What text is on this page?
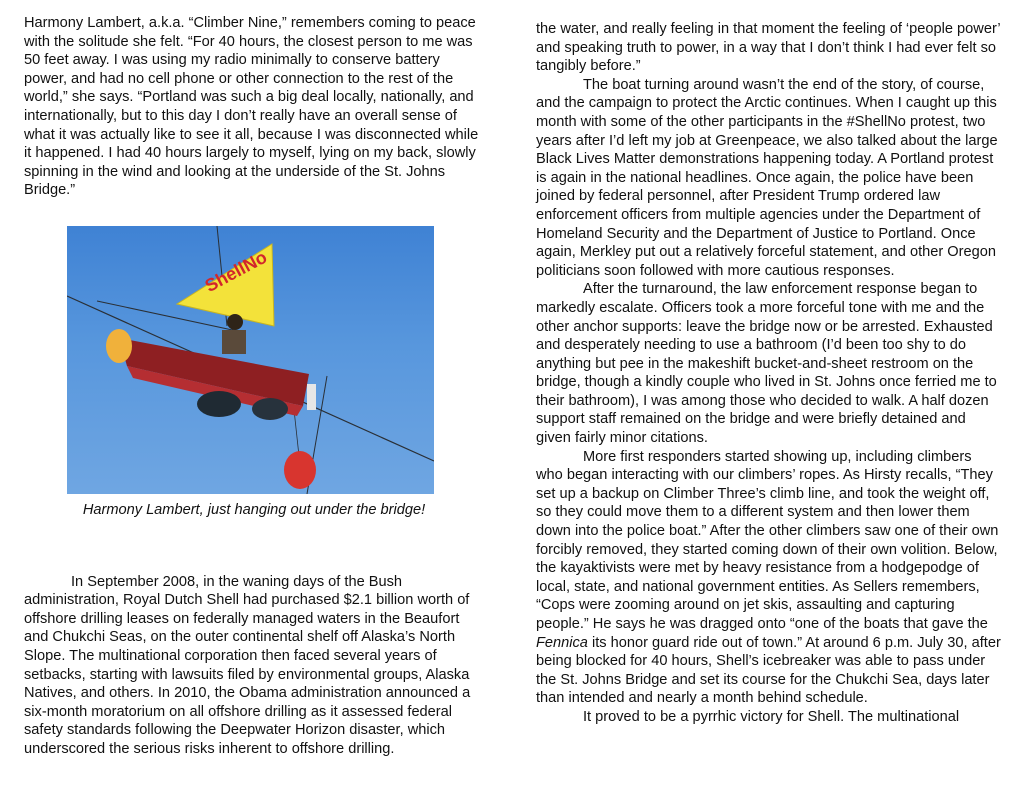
Harmony Lambert, a.k.a. “Climber Nine,” remembers coming to peace with the solitude she felt. “For 40 hours, the closest person to me was 50 feet away. I was using my radio minimally to conserve battery power, and had no cell phone or other connection to the rest of the world,” she says. “Portland was such a big deal locally, nationally, and internationally, but to this day I don’t really have an overall sense of what it was actually like to see it all, because I was disconnected while it happened. I had 40 hours largely to myself, lying on my back, slowly spinning in the wind and looking at the underside of the St. Johns Bridge.”

ShellNo

Harmony Lambert, just hanging out under the bridge!

In September 2008, in the waning days of the Bush administration, Royal Dutch Shell had purchased $2.1 billion worth of offshore drilling leases on federally managed waters in the Beaufort and Chukchi Seas, on the outer continental shelf off Alaska’s North Slope. The multinational corporation then faced several years of setbacks, starting with lawsuits filed by environmental groups, Alaska Natives, and others. In 2010, the Obama administration announced a six-month moratorium on all offshore drilling as it assessed federal safety standards following the Deepwater Horizon disaster, which underscored the serious risks inherent to offshore drilling.

the water, and really feeling in that moment the feeling of ‘people power’ and speaking truth to power, in a way that I don’t think I had ever felt so tangibly before.”

The boat turning around wasn’t the end of the story, of course, and the campaign to protect the Arctic continues. When I caught up this month with some of the other participants in the #ShellNo protest, two years after I’d left my job at Greenpeace, we also talked about the large Black Lives Matter demonstrations happening today. A Portland protest is again in the national headlines. Once again, the police have been joined by federal personnel, after President Trump ordered law enforcement officers from multiple agencies under the Department of Homeland Security and the Department of Justice to Portland. Once again, Merkley put out a relatively forceful statement, and other Oregon politicians soon followed with more cautious responses.

After the turnaround, the law enforcement response began to markedly escalate. Officers took a more forceful tone with me and the other anchor supports: leave the bridge now or be arrested. Exhausted and desperately needing to use a bathroom (I’d been too shy to do anything but pee in the makeshift bucket-and-sheet restroom on the bridge, though a kindly couple who lived in St. Johns once ferried me to their bathroom), I was among those who decided to walk. A half dozen support staff remained on the bridge and were briefly detained and given fairly minor citations.

More first responders started showing up, including climbers who began interacting with our climbers’ ropes. As Hirsty recalls, “They set up a backup on Climber Three’s climb line, and took the weight off, so they could move them to a different system and then lower them down into the police boat.” After the other climbers saw one of their own forcibly removed, they started coming down of their own volition. Below, the kayaktivists were met by heavy resistance from a hodgepodge of local, state, and national government entities. As Sellers remembers, “Cops were zooming around on jet skis, assaulting and capturing people.” He says he was dragged onto “one of the boats that gave the Fennica its honor guard ride out of town.” At around 6 p.m. July 30, after being blocked for 40 hours, Shell’s icebreaker was able to pass under the St. Johns Bridge and set its course for the Chukchi Sea, days later than intended and nearly a month behind schedule.

It proved to be a pyrrhic victory for Shell. The multinational
